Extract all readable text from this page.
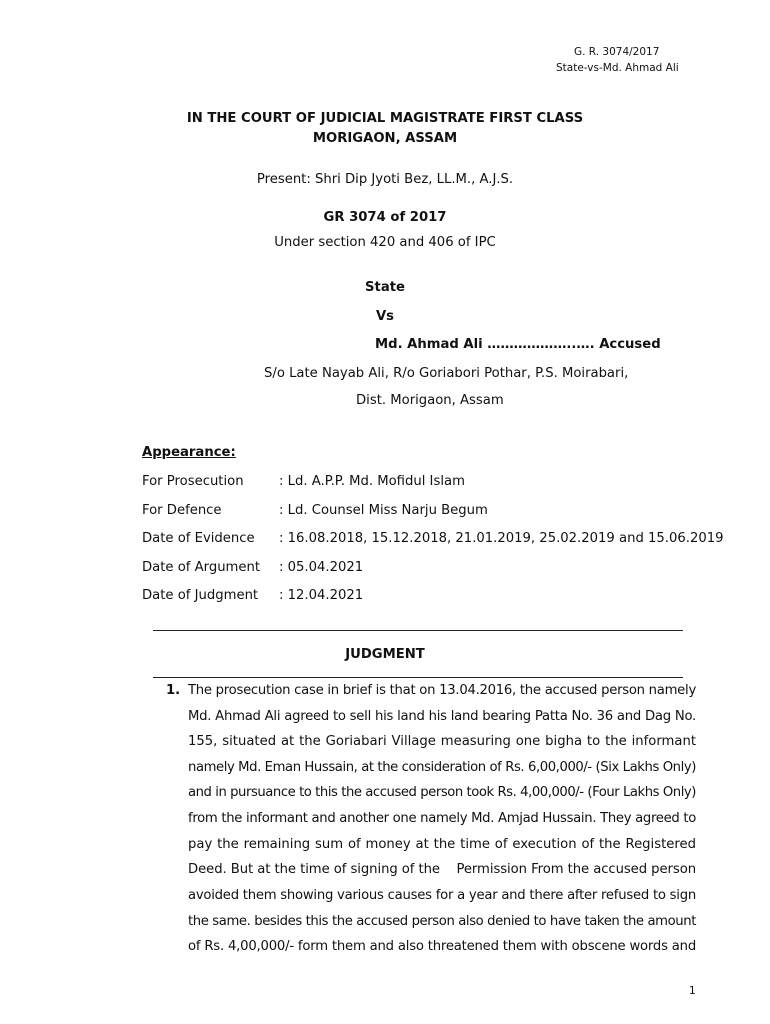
G. R. 3074/2017
State-vs-Md. Ahmad Ali
IN THE COURT OF JUDICIAL MAGISTRATE FIRST CLASS
MORIGAON, ASSAM
Present: Shri Dip Jyoti Bez, LL.M., A.J.S.
GR 3074 of 2017
Under section 420 and 406 of IPC
State
Vs
Md. Ahmad Ali ………………..…. Accused
S/o Late Nayab Ali, R/o Goriabori Pothar, P.S. Moirabari,
Dist. Morigaon, Assam
Appearance:
For Prosecution	: Ld. A.P.P. Md. Mofidul Islam
For Defence	: Ld. Counsel Miss Narju Begum
Date of Evidence : 16.08.2018, 15.12.2018, 21.01.2019, 25.02.2019 and 15.06.2019
Date of Argument : 05.04.2021
Date of Judgment : 12.04.2021
JUDGMENT
1. The prosecution case in brief is that on 13.04.2016, the accused person namely
Md. Ahmad Ali agreed to sell his land his land bearing Patta No. 36 and Dag No.
155, situated at the Goriabari Village measuring one bigha to the informant
namely Md. Eman Hussain, at the consideration of Rs. 6,00,000/- (Six Lakhs Only)
and in pursuance to this the accused person took Rs. 4,00,000/- (Four Lakhs Only)
from the informant and another one namely Md. Amjad Hussain. They agreed to
pay the remaining sum of money at the time of execution of the Registered
Deed. But at the time of signing of the    Permission From the accused person
avoided them showing various causes for a year and there after refused to sign
the same. besides this the accused person also denied to have taken the amount
of Rs. 4,00,000/- form them and also threatened them with obscene words and
1
